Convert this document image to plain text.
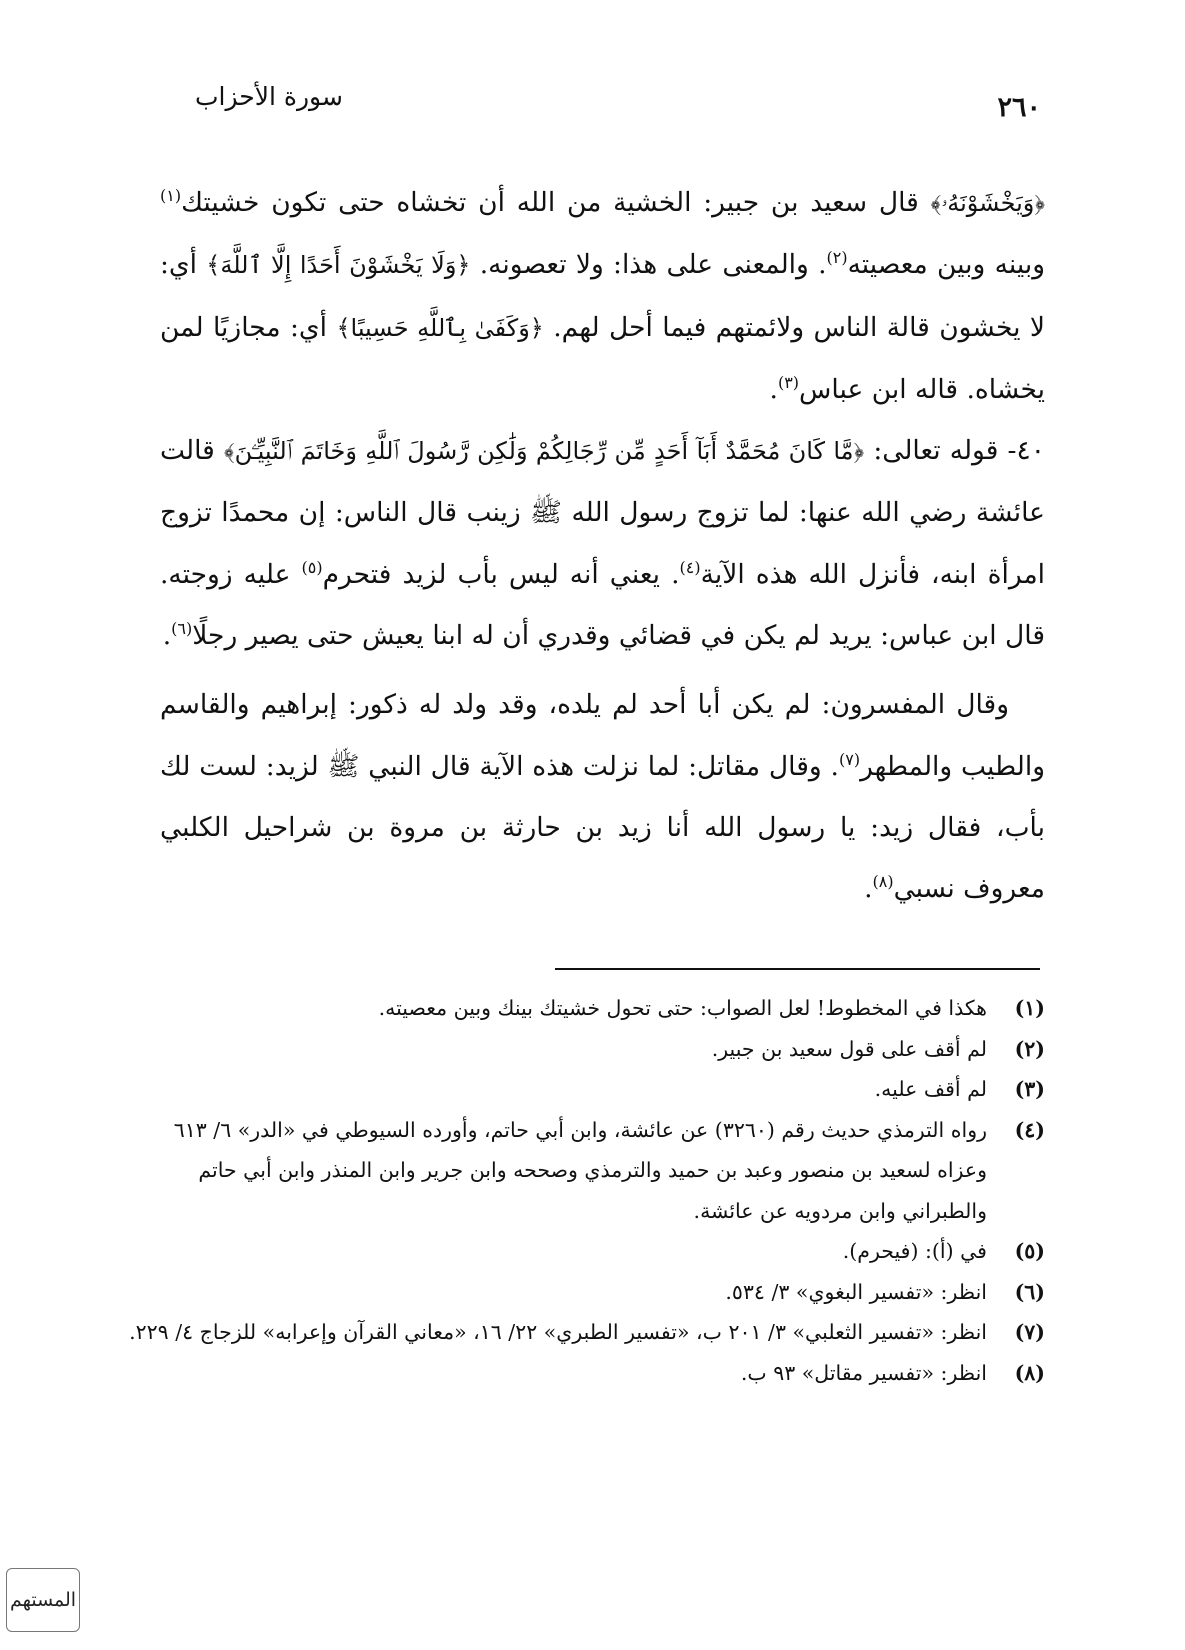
٢٦٠
سورة الأحزاب

﴿وَيَخْشَوْنَهُۥ﴾ قال سعيد بن جبير: الخشية من الله أن تخشاه حتى تكون خشيتك$^{(١)}$ وبينه وبين معصيته$^{(٢)}$. والمعنى على هذا: ولا تعصونه. ﴿وَلَا يَخْشَوْنَ أَحَدًا إِلَّا ٱللَّهَ﴾ أي: لا يخشون قالة الناس ولائمتهم فيما أحل لهم. ﴿وَكَفَىٰ بِٱللَّهِ حَسِيبًا﴾ أي: مجازيًا لمن يخشاه. قاله ابن عباس$^{(٣)}$.

٤٠- قوله تعالى: ﴿مَّا كَانَ مُحَمَّدٌ أَبَآ أَحَدٍ مِّن رِّجَالِكُمْ وَلَٰكِن رَّسُولَ ٱللَّهِ وَخَاتَمَ ٱلنَّبِيِّـۧنَ﴾ قالت عائشة رضي الله عنها: لما تزوج رسول الله ﷺ زينب قال الناس: إن محمدًا تزوج امرأة ابنه، فأنزل الله هذه الآية$^{(٤)}$. يعني أنه ليس بأب لزيد فتحرم$^{(٥)}$ عليه زوجته. قال ابن عباس: يريد لم يكن في قضائي وقدري أن له ابنا يعيش حتى يصير رجلًا$^{(٦)}$.

وقال المفسرون: لم يكن أبا أحد لم يلده، وقد ولد له ذكور: إبراهيم والقاسم والطيب والمطهر$^{(٧)}$. وقال مقاتل: لما نزلت هذه الآية قال النبي ﷺ لزيد: لست لك بأب، فقال زيد: يا رسول الله أنا زيد بن حارثة بن مروة بن شراحيل الكلبي معروف نسبي$^{(٨)}$.

(١)
هكذا في المخطوط! لعل الصواب: حتى تحول خشيتك بينك وبين معصيته.
(٢)
لم أقف على قول سعيد بن جبير.
(٣)
لم أقف عليه.
(٤)
رواه الترمذي حديث رقم (٣٢٦٠) عن عائشة، وابن أبي حاتم، وأورده السيوطي في «الدر» ٦/ ٦١٣ وعزاه لسعيد بن منصور وعبد بن حميد والترمذي وصححه وابن جرير وابن المنذر وابن أبي حاتم والطبراني وابن مردويه عن عائشة.
(٥)
في (أ): (فيحرم).
(٦)
انظر: «تفسير البغوي» ٣/ ٥٣٤.
(٧)
انظر: «تفسير الثعلبي» ٣/ ٢٠١ ب، «تفسير الطبري» ٢٢/ ١٦، «معاني القرآن وإعرابه» للزجاج ٤/ ٢٢٩.
(٨)
انظر: «تفسير مقاتل» ٩٣ ب.
المستهم
